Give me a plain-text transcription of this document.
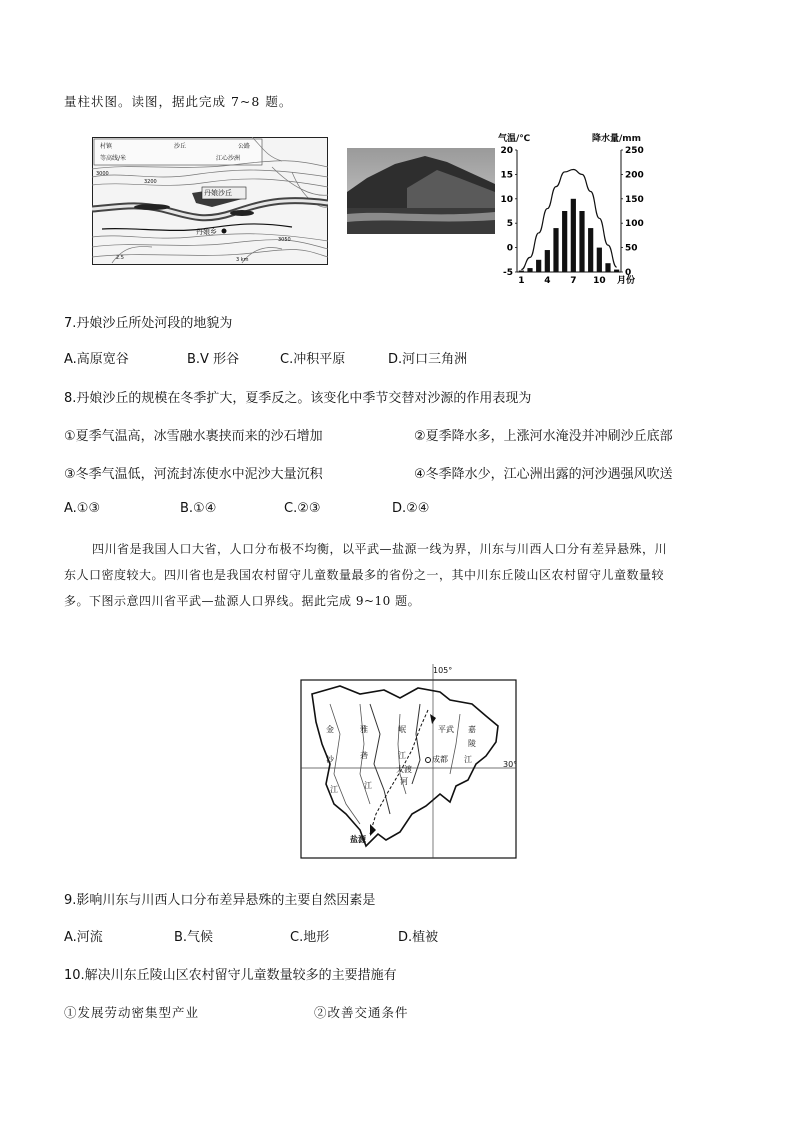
量柱状图。读图，据此完成 7~8 题。
村镇	沙丘	公路
等高线/米	江心沙洲
丹娘沙丘
丹娘乡
3000
3200
3050
2.5	3 km
气温/℃	降水量/mm
20
15
10
5
0
-5
250
200
150
100
50
0
1 4 7 10 月份
7.丹娘沙丘所处河段的地貌为
A.高原宽谷	B.V 形谷	C.冲积平原	D.河口三角洲
8.丹娘沙丘的规模在冬季扩大，夏季反之。该变化中季节交替对沙源的作用表现为
①夏季气温高，冰雪融水裹挟而来的沙石增加	②夏季降水多，上涨河水淹没并冲刷沙丘底部
③冬季气温低，河流封冻使水中泥沙大量沉积	④冬季降水少，江心洲出露的河沙遇强风吹送
A.①③	B.①④	C.②③	D.②④
四川省是我国人口大省，人口分布极不均衡，以平武—盐源一线为界，川东与川西人口分有差异悬殊，川
东人口密度较大。四川省也是我国农村留守儿童数量最多的省份之一，其中川东丘陵山区农村留守儿童数量较
多。下图示意四川省平武—盐源人口界线。据此完成 9~10 题。
105°
30°
金
沙
江
雅
砻
江
岷
江
嘉
陵
江
平武
成都
盐源
大渡
河
9.影响川东与川西人口分布差异悬殊的主要自然因素是
A.河流	B.气候	C.地形	D.植被
10.解决川东丘陵山区农村留守儿童数量较多的主要措施有
①发展劳动密集型产业	②改善交通条件
